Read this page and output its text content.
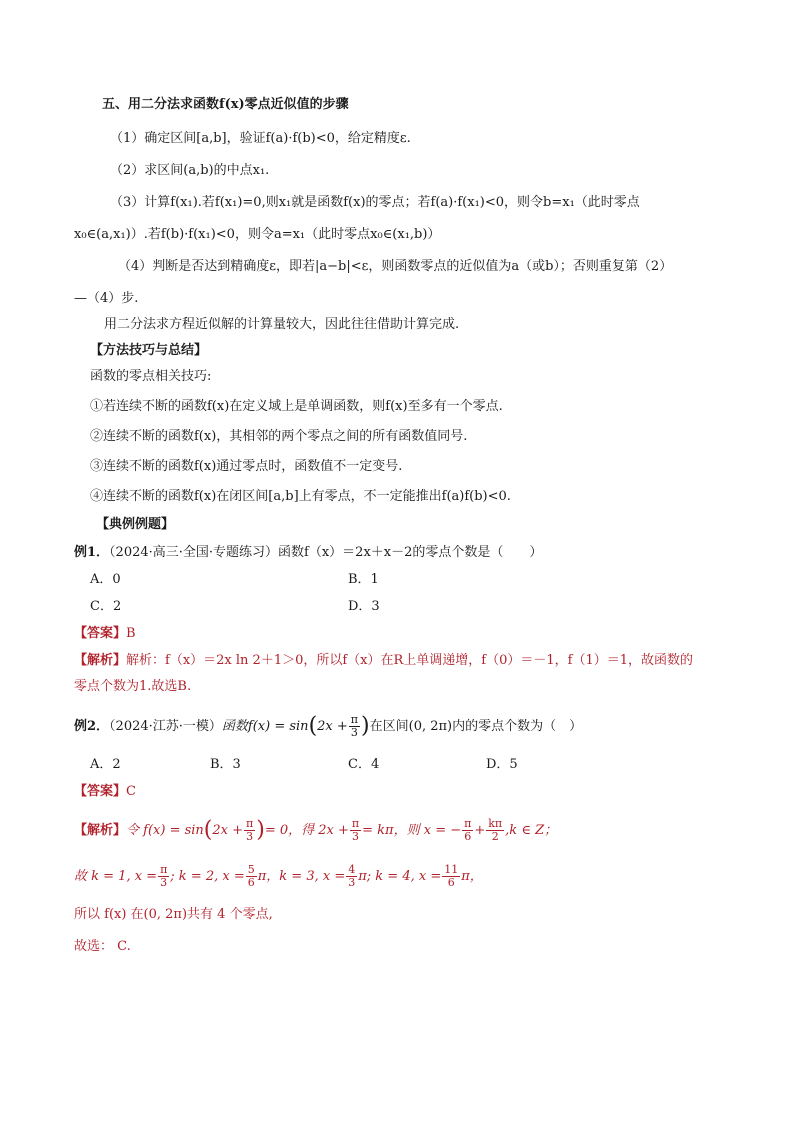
五、用二分法求函数f(x)零点近似值的步骤
（1）确定区间[a,b]，验证f(a)·f(b)<0，给定精度ε.
（2）求区间(a,b)的中点x₁.
（3）计算f(x₁).若f(x₁)=0,则x₁就是函数f(x)的零点；若f(a)·f(x₁)<0，则令b=x₁（此时零点
x₀∈(a,x₁)）.若f(b)·f(x₁)<0，则令a=x₁（此时零点x₀∈(x₁,b)）
（4）判断是否达到精确度ε，即若|a−b|<ε，则函数零点的近似值为a（或b）；否则重复第（2）
—（4）步.
用二分法求方程近似解的计算量较大，因此往往借助计算完成.
【方法技巧与总结】
函数的零点相关技巧:
①若连续不断的函数f(x)在定义域上是单调函数，则f(x)至多有一个零点.
②连续不断的函数f(x)，其相邻的两个零点之间的所有函数值同号.
③连续不断的函数f(x)通过零点时，函数值不一定变号.
④连续不断的函数f(x)在闭区间[a,b]上有零点，不一定能推出f(a)f(b)<0.
【典例例题】
例1．（2024·高三·全国·专题练习）函数f（x）＝2x＋x－2的零点个数是（　　）
A．0	B．1
C．2	D．3
【答案】B
【解析】解析：f（x）＝2x ln 2＋1＞0，所以f（x）在R上单调递增，f（0）＝－1，f（1）＝1，故函数的
零点个数为1.故选B.
例2．（2024·江苏·一模）函数$f(x) = \sin(2x + \frac{\pi}{3}$ )在区间(0, 2π)内的零点个数为（　）
A．2	B．3	C．4	D．5
【答案】C
【解析】令 $f(x) = \sin(2x + \frac{\pi}{3}$ )= 0，得 $2x + \frac{\pi}{3} = k\pi$，则 x = − $\frac{\pi}{6} + \frac{k\pi}{2} ,k$ ∈ Z；
故 k = 1, $x = \frac{\pi}{3}$ ; k = 2, $x = \frac{5}{6}$ π，k = 3, $x = \frac{4}{3} \pi$; k = 4, $x = \frac{11}{6}$ π，
所以 f(x) 在(0, 2π)共有 4 个零点,
故选： C.
